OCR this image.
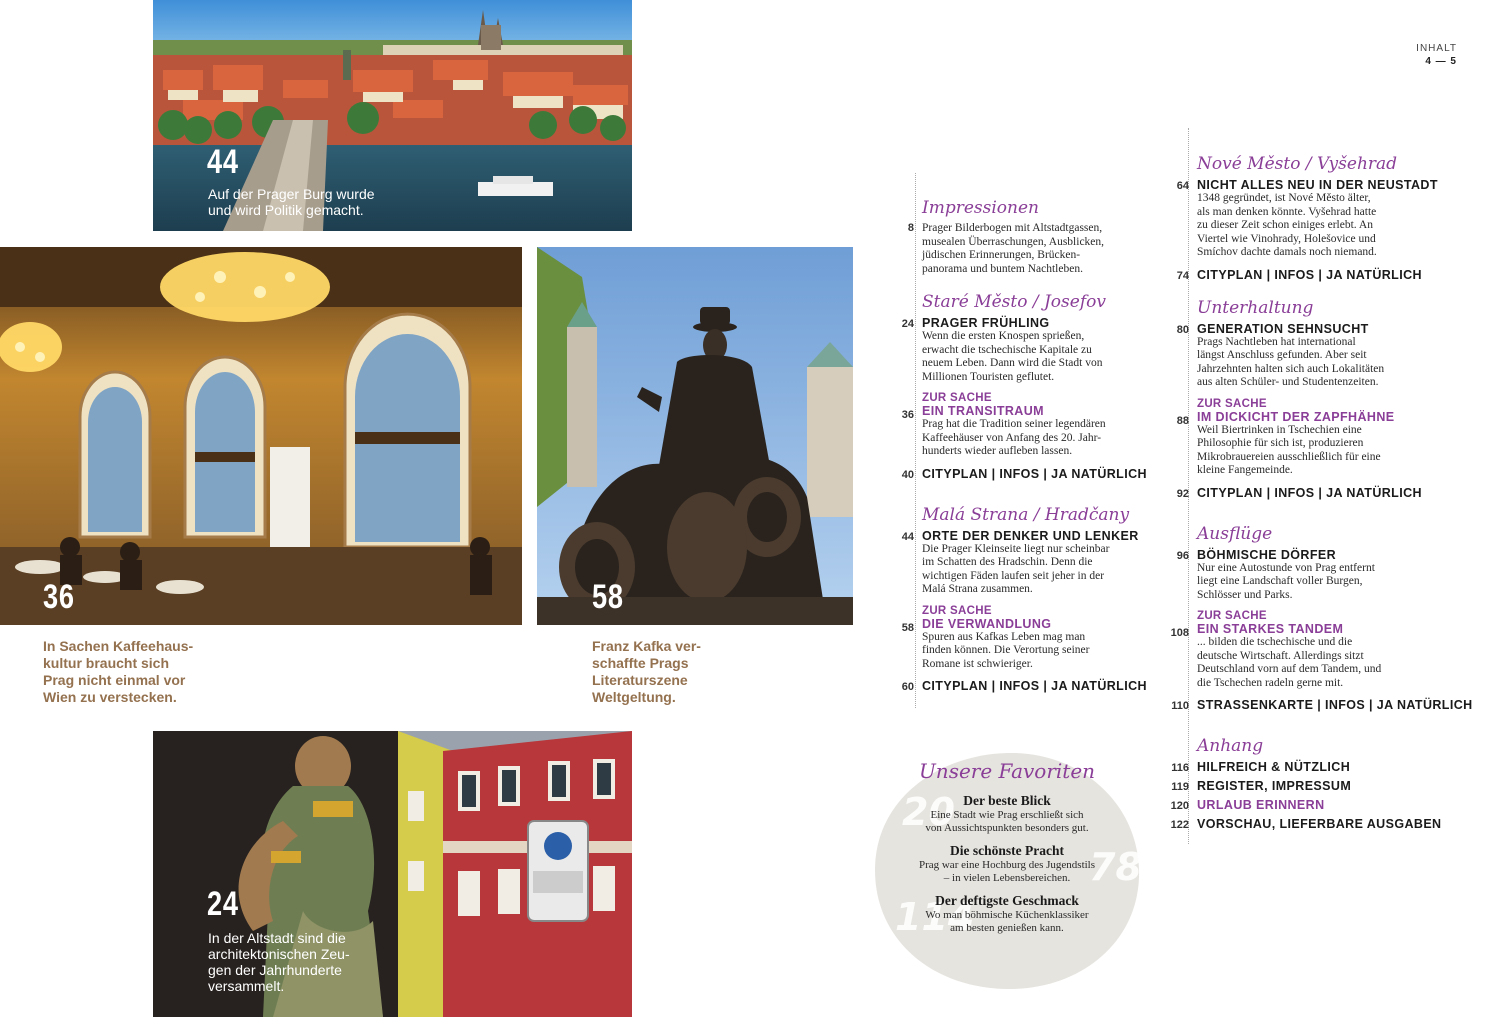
44
Auf der Prager Burg wurde
und wird Politik gemacht.
36
In Sachen Kaffeehaus-
kultur braucht sich
Prag nicht einmal vor
Wien zu verstecken.
58
Franz Kafka ver-
schaffte Prags
Literaturszene
Weltgeltung.
24
In der Altstadt sind die
architektonischen Zeu-
gen der Jahrhunderte
versammelt.
INHALT
4 — 5
Impressionen
8 Prager Bilderbogen mit Altstadtgassen,
musealen Überraschungen, Ausblicken,
jüdischen Erinnerungen, Brücken-
panorama und buntem Nachtleben.
Staré Město / Josefov
24 PRAGER FRÜHLING
Wenn die ersten Knospen sprießen,
erwacht die tschechische Kapitale zu
neuem Leben. Dann wird die Stadt von
Millionen Touristen geflutet.
ZUR SACHE
36 EIN TRANSITRAUM
Prag hat die Tradition seiner legendären
Kaffeehäuser von Anfang des 20. Jahr-
hunderts wieder aufleben lassen.
40 CITYPLAN | INFOS | JA NATÜRLICH
Malá Strana / Hradčany
44 ORTE DER DENKER UND LENKER
Die Prager Kleinseite liegt nur scheinbar
im Schatten des Hradschin. Denn die
wichtigen Fäden laufen seit jeher in der
Malá Strana zusammen.
ZUR SACHE
58 DIE VERWANDLUNG
Spuren aus Kafkas Leben mag man
finden können. Die Verortung seiner
Romane ist schwieriger.
60 CITYPLAN | INFOS | JA NATÜRLICH
Nové Město / Vyšehrad
64 NICHT ALLES NEU IN DER NEUSTADT
1348 gegründet, ist Nové Město älter,
als man denken könnte. Vyšehrad hatte
zu dieser Zeit schon einiges erlebt. An
Viertel wie Vinohrady, Holešovice und
Smíchov dachte damals noch niemand.
74 CITYPLAN | INFOS | JA NATÜRLICH
Unterhaltung
80 GENERATION SEHNSUCHT
Prags Nachtleben hat international
längst Anschluss gefunden. Aber seit
Jahrzehnten halten sich auch Lokalitäten
aus alten Schüler- und Studentenzeiten.
ZUR SACHE
88 IM DICKICHT DER ZAPFHÄHNE
Weil Biertrinken in Tschechien eine
Philosophie für sich ist, produzieren
Mikrobrauereien ausschließlich für eine
kleine Fangemeinde.
92 CITYPLAN | INFOS | JA NATÜRLICH
Ausflüge
96 BÖHMISCHE DÖRFER
Nur eine Autostunde von Prag entfernt
liegt eine Landschaft voller Burgen,
Schlösser und Parks.
ZUR SACHE
108 EIN STARKES TANDEM
... bilden die tschechische und die
deutsche Wirtschaft. Allerdings sitzt
Deutschland vorn auf dem Tandem, und
die Tschechen radeln gerne mit.
110 STRASSENKARTE | INFOS | JA NATÜRLICH
Anhang
116 HILFREICH & NÜTZLICH
119 REGISTER, IMPRESSUM
120 URLAUB ERINNERN
122 VORSCHAU, LIEFERBARE AUSGABEN
20
78
114
Unsere Favoriten
Der beste Blick
Eine Stadt wie Prag erschließt sich
von Aussichtspunkten besonders gut.
Die schönste Pracht
Prag war eine Hochburg des Jugendstils
– in vielen Lebensbereichen.
Der deftigste Geschmack
Wo man böhmische Küchenklassiker
am besten genießen kann.
